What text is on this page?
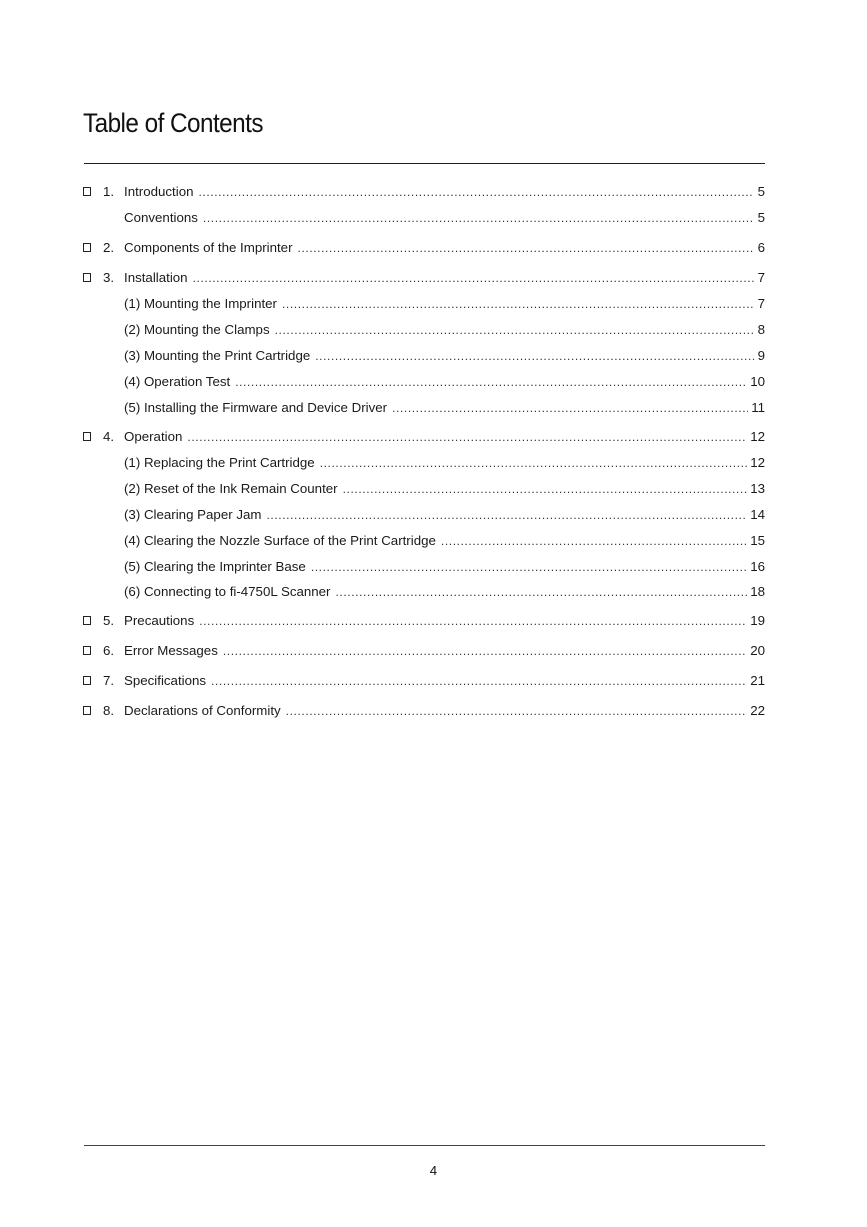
Table of Contents
1. Introduction .....	5
Conventions .....	5
2. Components of the Imprinter .....	6
3. Installation .....	7
(1) Mounting the Imprinter .....	7
(2) Mounting the Clamps .....	8
(3) Mounting the Print Cartridge .....	9
(4) Operation Test .....	10
(5) Installing the Firmware and Device Driver .....	11
4. Operation .....	12
(1) Replacing the Print Cartridge .....	12
(2) Reset of the Ink Remain Counter .....	13
(3) Clearing Paper Jam .....	14
(4) Clearing the Nozzle Surface of the Print Cartridge .....	15
(5) Clearing the Imprinter Base .....	16
(6) Connecting to fi-4750L Scanner .....	18
5. Precautions .....	19
6. Error Messages .....	20
7. Specifications .....	21
8. Declarations of Conformity .....	22
4
